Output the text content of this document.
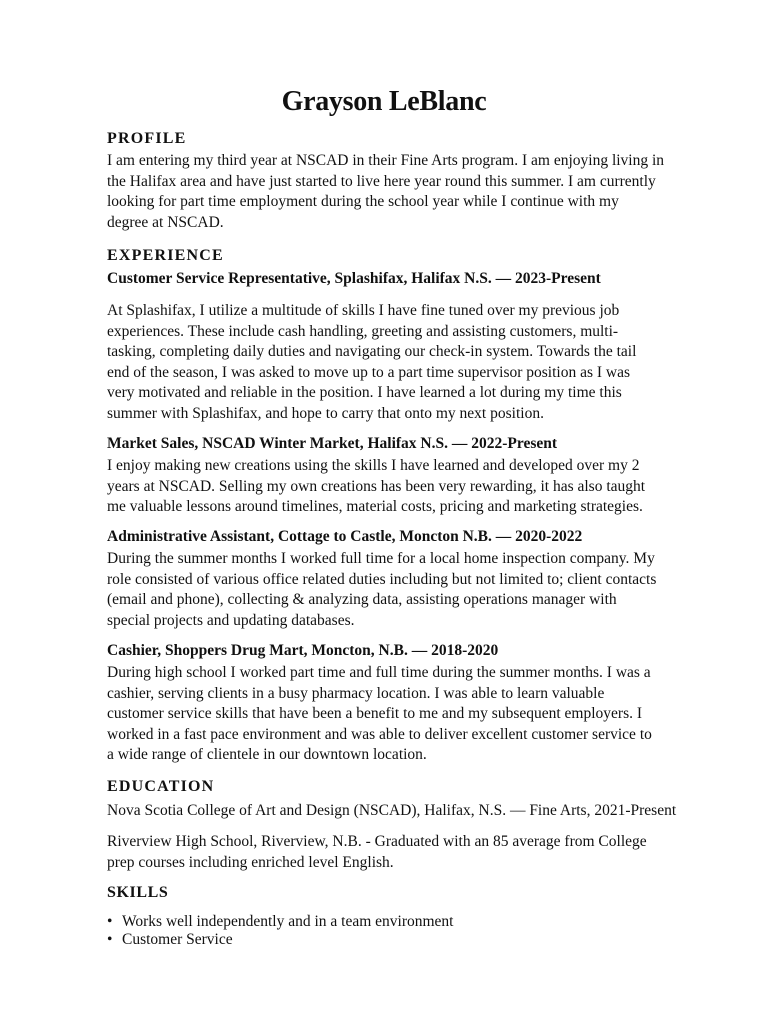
Grayson LeBlanc
PROFILE
I am entering my third year at NSCAD in their Fine Arts program. I am enjoying living in
the Halifax area and have just started to live here year round this summer. I am currently
looking for part time employment during the school year while I continue with my
degree at NSCAD.
EXPERIENCE
Customer Service Representative, Splashifax, Halifax N.S. — 2023-Present
At Splashifax, I utilize a multitude of skills I have fine tuned over my previous job
experiences. These include cash handling, greeting and assisting customers, multi-
tasking, completing daily duties and navigating our check-in system. Towards the tail
end of the season, I was asked to move up to a part time supervisor position as I was
very motivated and reliable in the position. I have learned a lot during my time this
summer with Splashifax, and hope to carry that onto my next position.
Market Sales, NSCAD Winter Market, Halifax N.S. — 2022-Present
I enjoy making new creations using the skills I have learned and developed over my 2
years at NSCAD. Selling my own creations has been very rewarding, it has also taught
me valuable lessons around timelines, material costs, pricing and marketing strategies.
Administrative Assistant, Cottage to Castle, Moncton N.B. — 2020-2022
During the summer months I worked full time for a local home inspection company. My
role consisted of various office related duties including but not limited to; client contacts
(email and phone), collecting & analyzing data, assisting operations manager with
special projects and updating databases.
Cashier, Shoppers Drug Mart, Moncton, N.B. — 2018-2020
During high school I worked part time and full time during the summer months. I was a
cashier, serving clients in a busy pharmacy location. I was able to learn valuable
customer service skills that have been a benefit to me and my subsequent employers. I
worked in a fast pace environment and was able to deliver excellent customer service to
a wide range of clientele in our downtown location.
EDUCATION
Nova Scotia College of Art and Design (NSCAD), Halifax, N.S. — Fine Arts, 2021-Present
Riverview High School, Riverview, N.B. - Graduated with an 85 average from College
prep courses including enriched level English.
SKILLS
• Works well independently and in a team environment
• Customer Service
